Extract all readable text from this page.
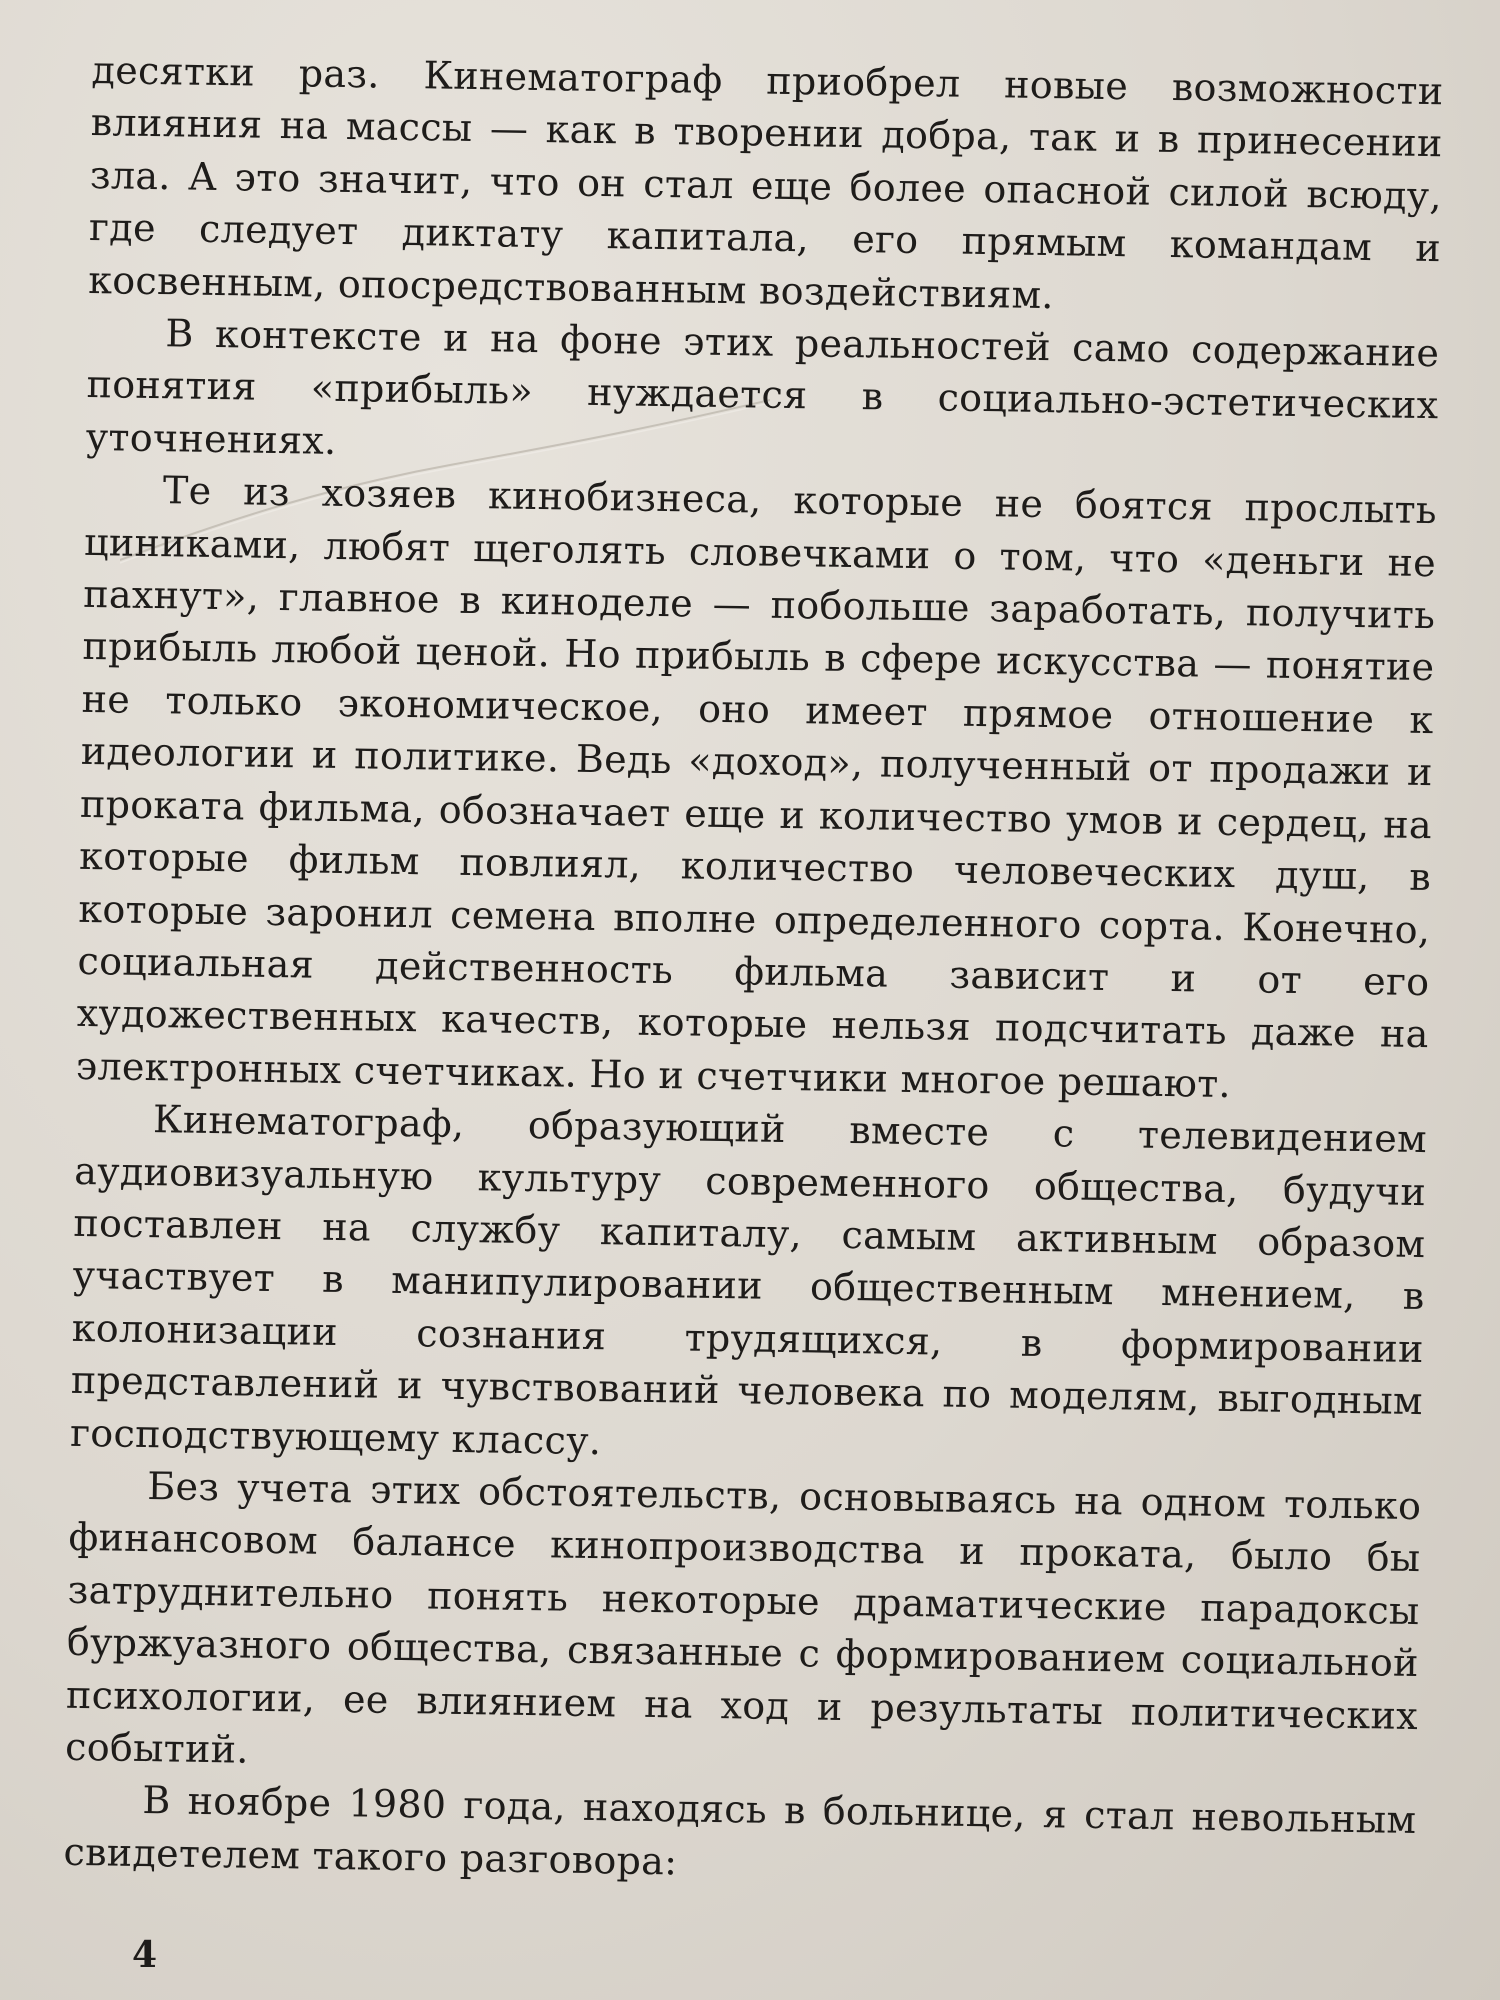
десятки раз. Кинематограф приобрел новые возможности влияния на массы — как в творении добра, так и в принесении зла. А это значит, что он стал еще более опасной силой всюду, где следует диктату капитала, его прямым командам и косвенным, опосредствованным воздействиям.

В контексте и на фоне этих реальностей само содержание понятия «прибыль» нуждается в социально-эстетических уточнениях.

Те из хозяев кинобизнеса, которые не боятся прослыть циниками, любят щеголять словечками о том, что «деньги не пахнут», главное в киноделе — побольше заработать, получить прибыль любой ценой. Но прибыль в сфере искусства — понятие не только экономическое, оно имеет прямое отношение к идеологии и политике. Ведь «доход», полученный от продажи и проката фильма, обозначает еще и количество умов и сердец, на которые фильм повлиял, количество человеческих душ, в которые заронил семена вполне определенного сорта. Конечно, социальная действенность фильма зависит и от его художественных качеств, которые нельзя подсчитать даже на электронных счетчиках. Но и счетчики многое решают.

Кинематограф, образующий вместе с телевидением аудиовизуальную культуру современного общества, будучи поставлен на службу капиталу, самым активным образом участвует в манипулировании общественным мнением, в колонизации сознания трудящихся, в формировании представлений и чувствований человека по моделям, выгодным господствующему классу.

Без учета этих обстоятельств, основываясь на одном только финансовом балансе кинопроизводства и проката, было бы затруднительно понять некоторые драматические парадоксы буржуазного общества, связанные с формированием социальной психологии, ее влиянием на ход и результаты политических событий.

В ноябре 1980 года, находясь в больнице, я стал невольным свидетелем такого разговора:

4
